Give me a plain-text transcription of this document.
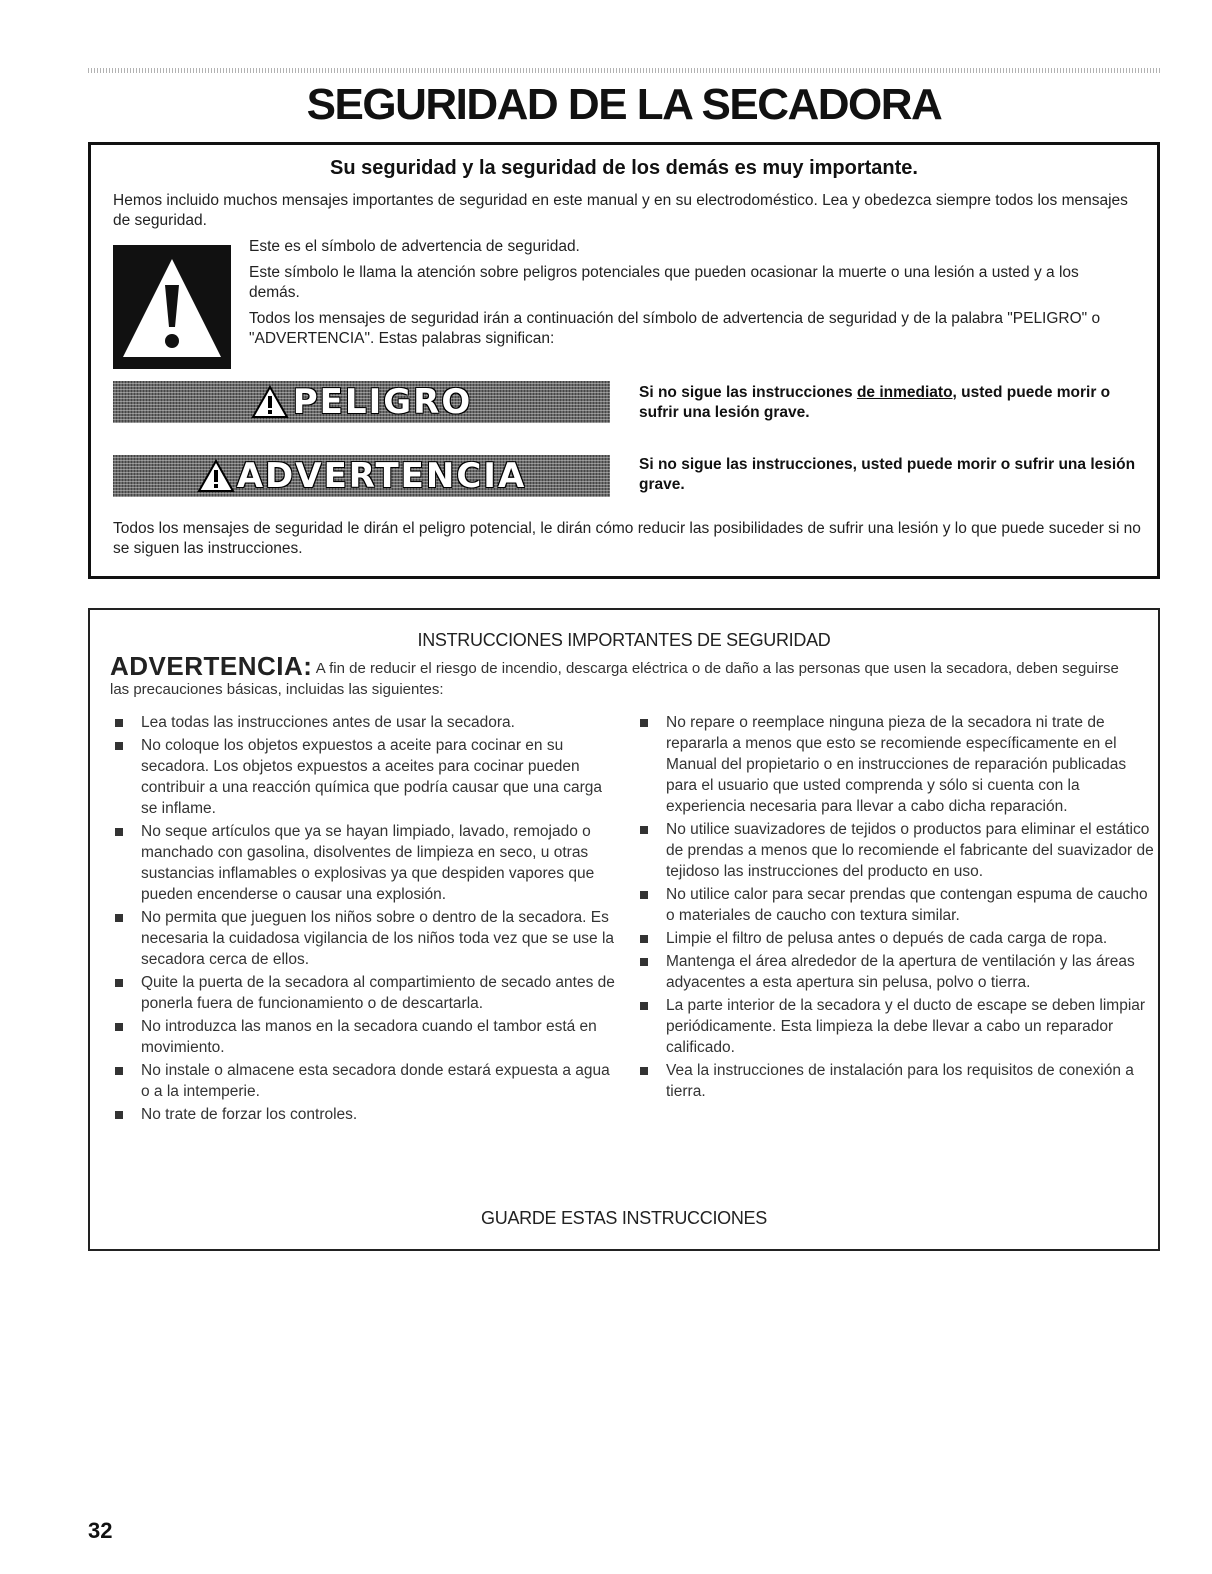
SEGURIDAD DE LA SECADORA
Su seguridad y la seguridad de los demás es muy importante.
Hemos incluido muchos mensajes importantes de seguridad en este manual y en su electrodoméstico. Lea y obedezca siempre todos los mensajes de seguridad.

Este es el símbolo de advertencia de seguridad.

Este símbolo le llama la atención sobre peligros potenciales que pueden ocasionar la muerte o una lesión a usted y a los demás.

Todos los mensajes de seguridad irán a continuación del símbolo de advertencia de seguridad y de la palabra "PELIGRO" o "ADVERTENCIA". Estas palabras significan:

PELIGRO	Si no sigue las instrucciones de inmediato, usted puede morir o sufrir una lesión grave.
ADVERTENCIA	Si no sigue las instrucciones, usted puede morir o sufrir una lesión grave.
Todos los mensajes de seguridad le dirán el peligro potencial, le dirán cómo reducir las posibilidades de sufrir una lesión y lo que puede suceder si no se siguen las instrucciones.
INSTRUCCIONES IMPORTANTES DE SEGURIDAD
ADVERTENCIA: A fin de reducir el riesgo de incendio, descarga eléctrica o de daño a las personas que usen la secadora, deben seguirse las precauciones básicas, incluidas las siguientes:
Lea todas las instrucciones antes de usar la secadora.
No coloque los objetos expuestos a aceite para cocinar en su secadora. Los objetos expuestos a aceites para cocinar pueden contribuir a una reacción química que podría causar que una carga se inflame.
No seque artículos que ya se hayan limpiado, lavado, remojado o manchado con gasolina, disolventes de limpieza en seco, u otras sustancias inflamables o explosivas ya que despiden vapores que pueden encenderse o causar una explosión.
No permita que jueguen los niños sobre o dentro de la secadora. Es necesaria la cuidadosa vigilancia de los niños toda vez que se use la secadora cerca de ellos.
Quite la puerta de la secadora al compartimiento de secado antes de ponerla fuera de funcionamiento o de descartarla.
No introduzca las manos en la secadora cuando el tambor está en movimiento.
No instale o almacene esta secadora donde estará expuesta a agua o a la intemperie.
No trate de forzar los controles.
No repare o reemplace ninguna pieza de la secadora ni trate de repararla a menos que esto se recomiende específicamente en el Manual del propietario o en instrucciones de reparación publicadas para el usuario que usted comprenda y sólo si cuenta con la experiencia necesaria para llevar a cabo dicha reparación.
No utilice suavizadores de tejidos o productos para eliminar el estático de prendas a menos que lo recomiende el fabricante del suavizador de tejidoso las instrucciones del producto en uso.
No utilice calor para secar prendas que contengan espuma de caucho o materiales de caucho con textura similar.
Limpie el filtro de pelusa antes o depués de cada carga de ropa.
Mantenga el área alrededor de la apertura de ventilación y las áreas adyacentes a esta apertura sin pelusa, polvo o tierra.
La parte interior de la secadora y el ducto de escape se deben limpiar periódicamente. Esta limpieza la debe llevar a cabo un reparador calificado.
Vea la instrucciones de instalación para los requisitos de conexión a tierra.
GUARDE ESTAS INSTRUCCIONES
32
